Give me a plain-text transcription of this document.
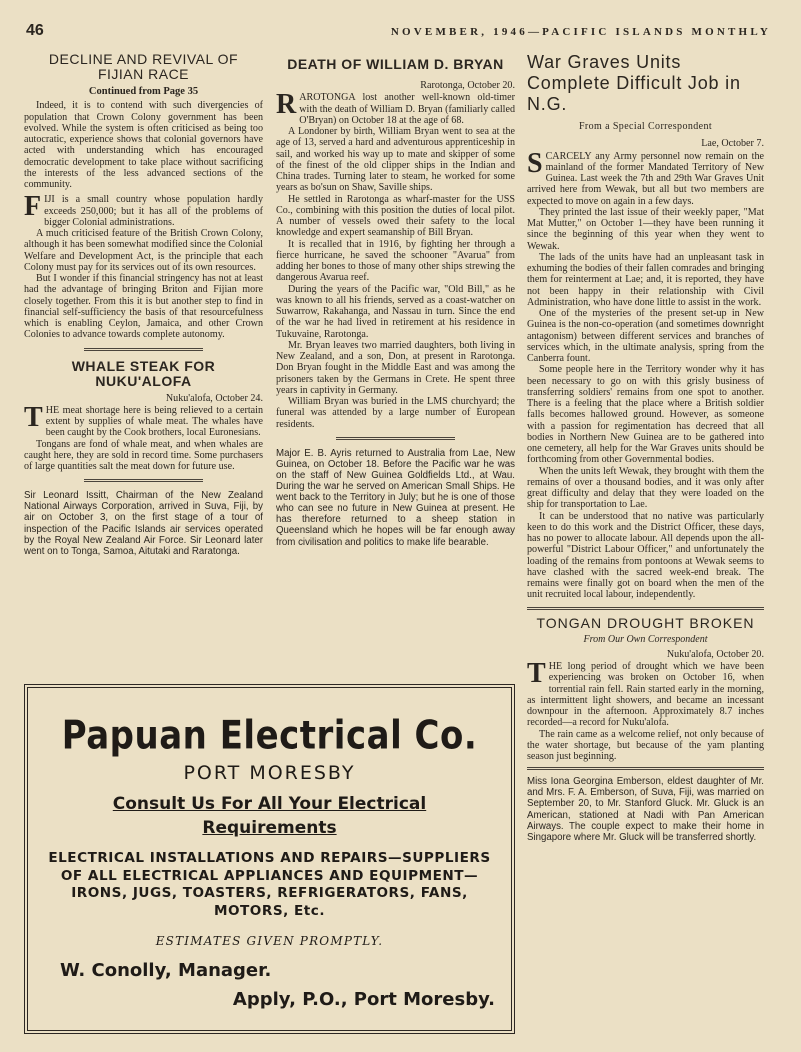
46	NOVEMBER, 1946—PACIFIC ISLANDS MONTHLY
DECLINE AND REVIVAL OF FIJIAN RACE
Continued from Page 35

Indeed, it is to contend with such divergencies of population that Crown Colony government has been evolved. While the system is often criticised as being too autocratic, experience shows that colonial governors have acted with understanding which has encouraged democratic development to take place without sacrificing the interests of the less advanced sections of the community.

FIJI is a small country whose population hardly exceeds 250,000; but it has all of the problems of bigger Colonial administrations.

A much criticised feature of the British Crown Colony, although it has been somewhat modified since the Colonial Welfare and Development Act, is the principle that each Colony must pay for its services out of its own resources.

But I wonder if this financial stringency has not at least had the advantage of bringing Briton and Fijian more closely together. From this it is but another step to find in financial self-sufficiency the basis of that resourcefulness which is enabling Ceylon, Jamaica, and other Crown Colonies to advance towards complete autonomy.

WHALE STEAK FOR NUKU'ALOFA
Nuku'alofa, October 24.

THE meat shortage here is being relieved to a certain extent by supplies of whale meat. The whales have been caught by the Cook brothers, local Euronesians.

Tongans are fond of whale meat, and when whales are caught here, they are sold in record time. Some purchasers of large quantities salt the meat down for future use.

Sir Leonard Issitt, Chairman of the New Zealand National Airways Corporation, arrived in Suva, Fiji, by air on October 3, on the first stage of a tour of inspection of the Pacific Islands air services operated by the Royal New Zealand Air Force. Sir Leonard later went on to Tonga, Samoa, Aitutaki and Raratonga.

DEATH OF WILLIAM D. BRYAN
Rarotonga, October 20.

RAROTONGA lost another well-known old-timer with the death of William D. Bryan (familiarly called O'Bryan) on October 18 at the age of 68.

A Londoner by birth, William Bryan went to sea at the age of 13, served a hard and adventurous apprenticeship in sail, and worked his way up to mate and skipper of some of the finest of the old clipper ships in the Indian and China trades. Turning later to steam, he worked for some years as bo'sun on Shaw, Saville ships.

He settled in Rarotonga as wharf-master for the USS Co., combining with this position the duties of local pilot. A number of vessels owed their safety to the local knowledge and expert seamanship of Bill Bryan.

It is recalled that in 1916, by fighting her through a fierce hurricane, he saved the schooner "Avarua" from adding her bones to those of many other ships strewing the dangerous Avarua reef.

During the years of the Pacific war, "Old Bill," as he was known to all his friends, served as a coast-watcher on Suwarrow, Rakahanga, and Nassau in turn. Since the end of the war he had lived in retirement at his residence in Tukuvaine, Rarotonga.

Mr. Bryan leaves two married daughters, both living in New Zealand, and a son, Don, at present in Rarotonga. Don Bryan fought in the Middle East and was among the prisoners taken by the Germans in Crete. He spent three years in captivity in Germany.

William Bryan was buried in the LMS churchyard; the funeral was attended by a large number of European residents.

Major E. B. Ayris returned to Australia from Lae, New Guinea, on October 18. Before the Pacific war he was on the staff of New Guinea Goldfields Ltd., at Wau. During the war he served on American Small Ships. He went back to the Territory in July; but he is one of those who can see no future in New Guinea at present. He has therefore returned to a sheep station in Queensland which he hopes will be far enough away from civilisation and politics to make life bearable.

War Graves Units Complete Difficult Job in N.G.
From a Special Correspondent
Lae, October 7.

SCARCELY any Army personnel now remain on the mainland of the former Mandated Territory of New Guinea. Last week the 7th and 29th War Graves Unit arrived here from Wewak, but all but two members are expected to move on again in a few days.

They printed the last issue of their weekly paper, "Mat Mat Mutter," on October 1—they have been running it since the beginning of this year when they went to Wewak.

The lads of the units have had an unpleasant task in exhuming the bodies of their fallen comrades and bringing them for reinterment at Lae; and, it is reported, they have not been happy in their relationship with Civil Administration, who have done little to assist in the work.

One of the mysteries of the present set-up in New Guinea is the non-co-operation (and sometimes downright antagonism) between different services and branches of services which, in the ultimate analysis, spring from the Canberra fount.

Some people here in the Territory wonder why it has been necessary to go on with this grisly business of transferring soldiers' remains from one spot to another. There is a feeling that the place where a British soldier falls becomes hallowed ground. However, as someone with a passion for regimentation has decreed that all bodies in Northern New Guinea are to be gathered into one cemetery, all help for the War Graves units should be forthcoming from other Governmental bodies.

When the units left Wewak, they brought with them the remains of over a thousand bodies, and it was only after great difficulty and delay that they were loaded on the ship for transportation to Lae.

It can be understood that no native was particularly keen to do this work and the District Officer, these days, has no power to allocate labour. All depends upon the all-powerful "District Labour Officer," and unfortunately the loading of the remains from pontoons at Wewak seems to have clashed with the sacred week-end break. The remains were finally got on board when the men of the unit recruited local labour, independently.

TONGAN DROUGHT BROKEN
From Our Own Correspondent
Nuku'alofa, October 20.

THE long period of drought which we have been experiencing was broken on October 16, when torrential rain fell. Rain started early in the morning, as intermittent light showers, and became an incessant downpour in the afternoon. Approximately 8.7 inches recorded—a record for Nuku'alofa.

The rain came as a welcome relief, not only because of the water shortage, but because of the yam planting season just beginning.

Miss Iona Georgina Emberson, eldest daughter of Mr. and Mrs. F. A. Emberson, of Suva, Fiji, was married on September 20, to Mr. Stanford Gluck. Mr. Gluck is an American, stationed at Nadi with Pan American Airways. The couple expect to make their home in Singapore where Mr. Gluck will be transferred shortly.

Papuan Electrical Co.
PORT MORESBY
Consult Us For All Your Electrical
Requirements
ELECTRICAL INSTALLATIONS AND REPAIRS—SUPPLIERS OF ALL ELECTRICAL APPLIANCES AND EQUIPMENT—IRONS, JUGS, TOASTERS, REFRIGERATORS, FANS, MOTORS, Etc.
ESTIMATES GIVEN PROMPTLY.
W. Conolly, Manager.
Apply, P.O., Port Moresby.
